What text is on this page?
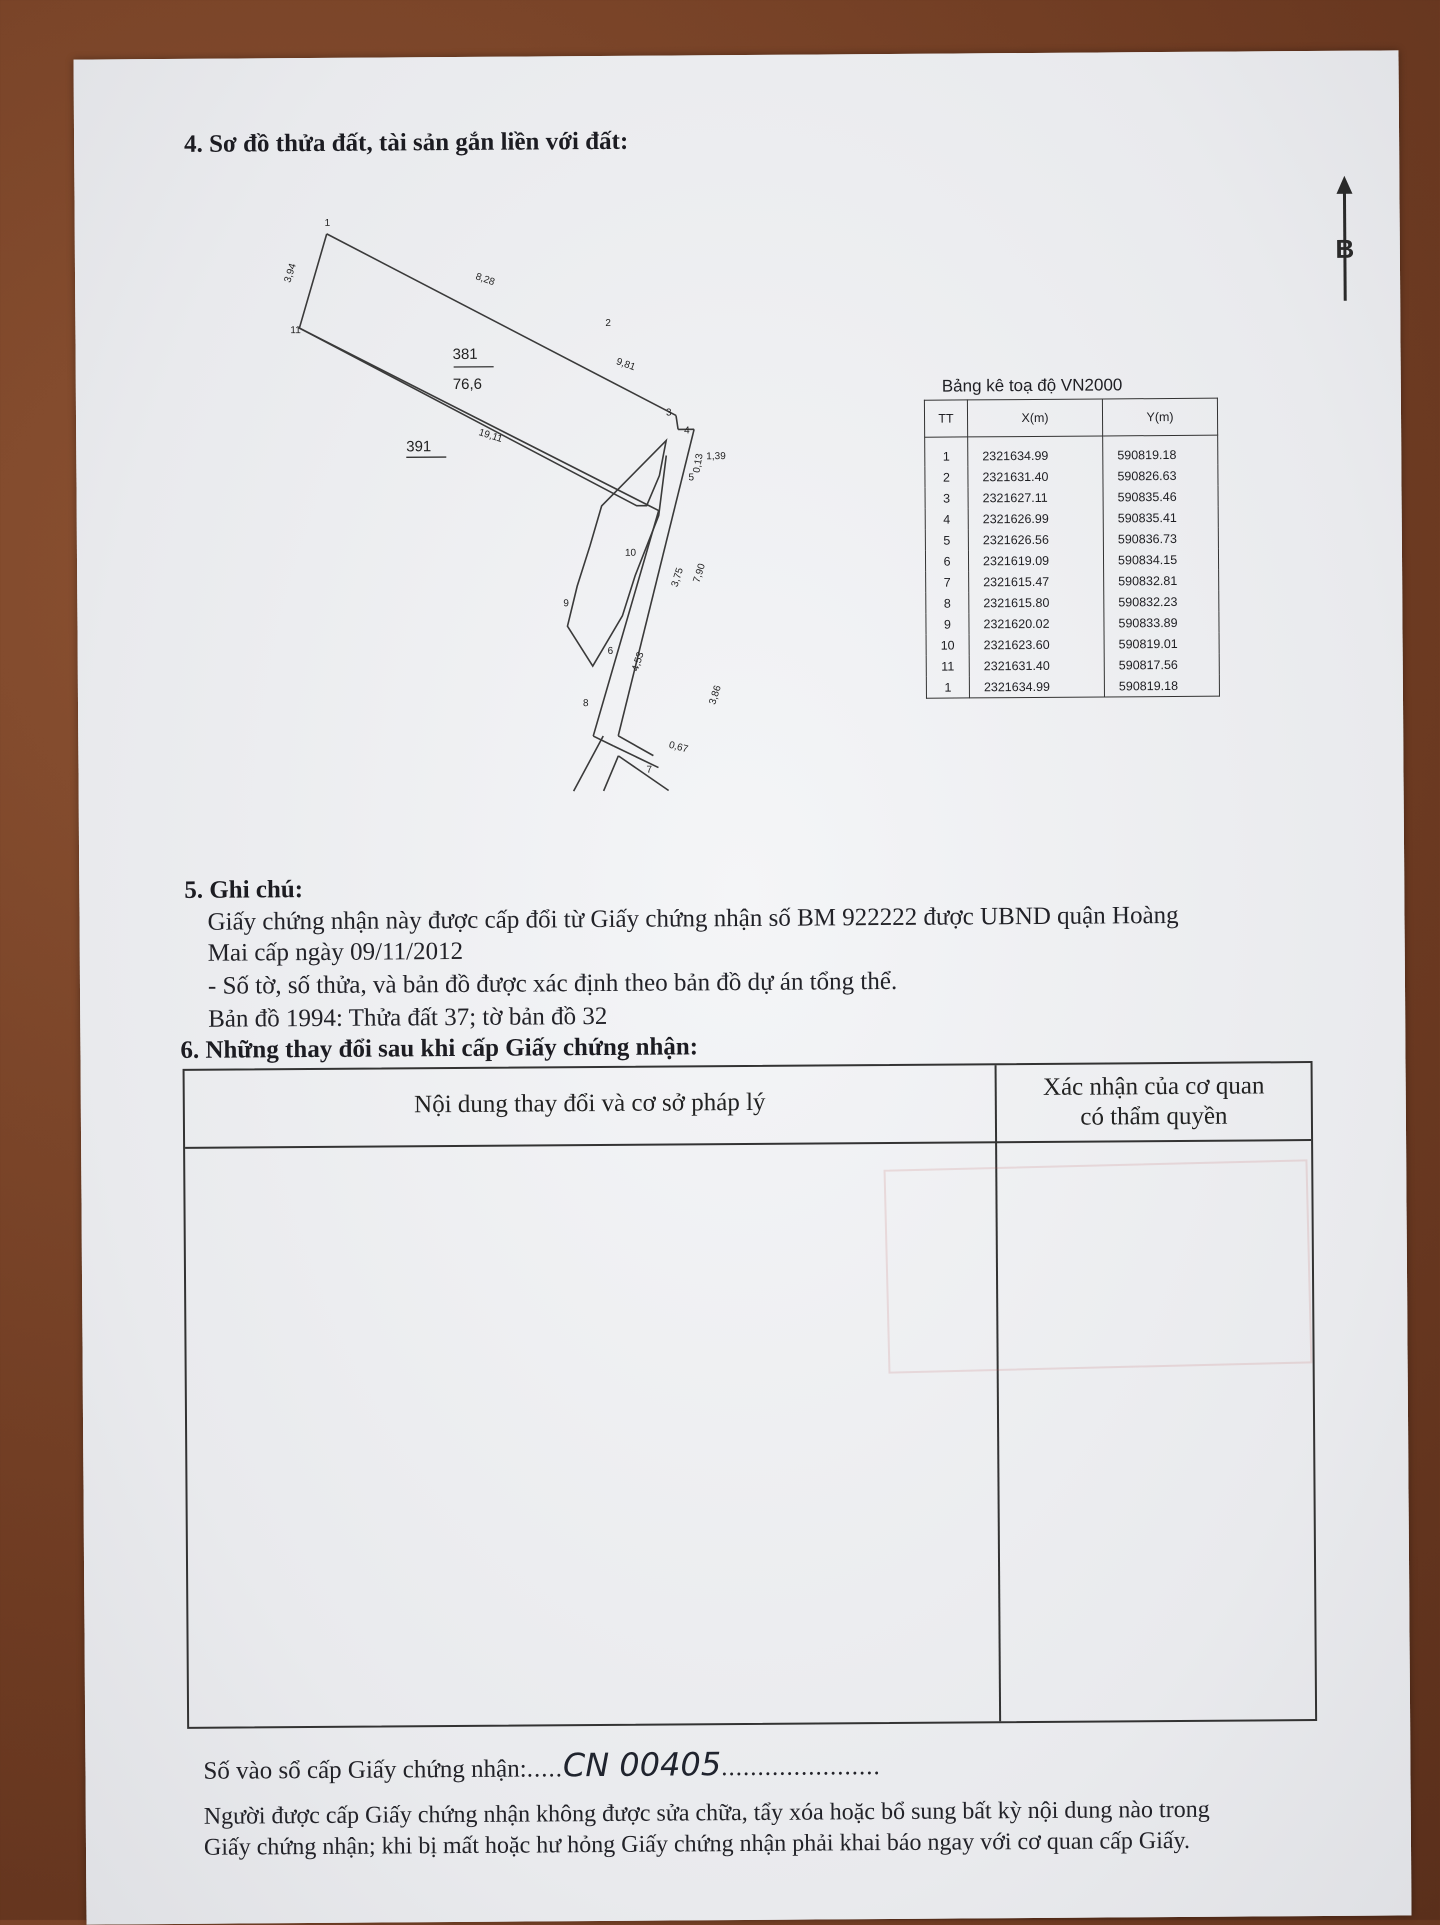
4. Sơ đồ thửa đất, tài sản gắn liền với đất:
B
381
76,6
391
1
2
3
4
5
6
7
8
9
10
11
3,94	8,28
9,81
19,11
0,13 1,39
7,90
3,75
4,53
3,86
0,67
Bảng kê toạ độ VN2000
TT	X(m)	Y(m)
1	2321634.99	590819.18
2	2321631.40	590826.63
3	2321627.11	590835.46
4	2321626.99	590835.41
5	2321626.56	590836.73
6	2321619.09	590834.15
7	2321615.47	590832.81
8	2321615.80	590832.23
9	2321620.02	590833.89
10	2321623.60	590819.01
11	2321631.40	590817.56
1	2321634.99	590819.18
5. Ghi chú:
Giấy chứng nhận này được cấp đổi từ Giấy chứng nhận số BM 922222 được UBND quận Hoàng
Mai cấp ngày 09/11/2012
- Số tờ, số thửa, và bản đồ được xác định theo bản đồ dự án tổng thể.
Bản đồ 1994: Thửa đất 37; tờ bản đồ 32
6. Những thay đổi sau khi cấp Giấy chứng nhận:
Nội dung thay đổi và cơ sở pháp lý
Xác nhận của cơ quan
có thẩm quyền
Số vào sổ cấp Giấy chứng nhận:.....CN 00405......................
Người được cấp Giấy chứng nhận không được sửa chữa, tẩy xóa hoặc bổ sung bất kỳ nội dung nào trong
Giấy chứng nhận; khi bị mất hoặc hư hỏng Giấy chứng nhận phải khai báo ngay với cơ quan cấp Giấy.
